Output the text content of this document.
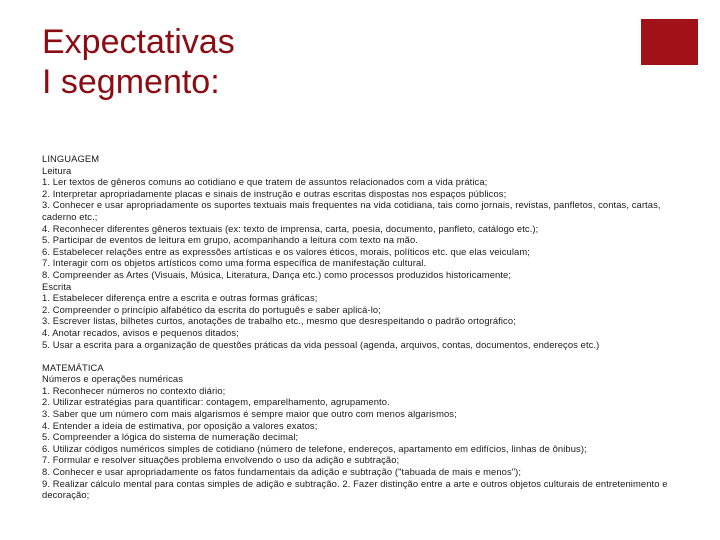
Expectativas
I segmento:
LINGUAGEM
Leitura
1. Ler textos de gêneros comuns ao cotidiano e que tratem de assuntos relacionados com a vida prática;
2. Interpretar apropriadamente placas e sinais de instrução e outras escritas dispostas nos espaços públicos;
3. Conhecer e usar apropriadamente os suportes textuais mais frequentes na vida cotidiana, tais como jornais, revistas, panfletos, contas, cartas, caderno etc.;
4. Reconhecer diferentes gêneros textuais (ex: texto de imprensa, carta, poesia, documento, panfleto, catálogo etc.);
5. Participar de eventos de leitura em grupo, acompanhando a leitura com texto na mão.
6. Estabelecer relações entre as expressões artísticas e os valores éticos, morais, políticos etc. que elas veiculam;
7. Interagir com os objetos artísticos como uma forma específica de manifestação cultural.
8. Compreender as Artes (Visuais, Música, Literatura, Dança etc.) como processos produzidos historicamente;
Escrita
1. Estabelecer diferença entre a escrita e outras formas gráficas;
2. Compreender o princípio alfabético da escrita do português e saber aplicá-lo;
3. Escrever listas, bilhetes curtos, anotações de trabalho etc., mesmo que desrespeitando o padrão ortográfico;
4. Anotar recados, avisos e pequenos ditados;
5. Usar a escrita para a organização de questões práticas da vida pessoal (agenda, arquivos, contas, documentos, endereços etc.)
MATEMÁTICA
Números e operações numéricas
1. Reconhecer números no contexto diário;
2. Utilizar estratégias para quantificar: contagem, emparelhamento, agrupamento.
3. Saber que um número com mais algarismos é sempre maior que outro com menos algarismos;
4. Entender a ideia de estimativa, por oposição a valores exatos;
5. Compreender a lógica do sistema de numeração decimal;
6. Utilizar códigos numéricos simples de cotidiano (número de telefone, endereços, apartamento em edifícios, linhas de ônibus);
7. Formular e resolver situações problema envolvendo o uso da adição e subtração;
8. Conhecer e usar apropriadamente os fatos fundamentais da adição e subtração ("tabuada de mais e menos");
9. Realizar cálculo mental para contas simples de adição e subtração. 2. Fazer distinção entre a arte e outros objetos culturais de entretenimento e decoração;
